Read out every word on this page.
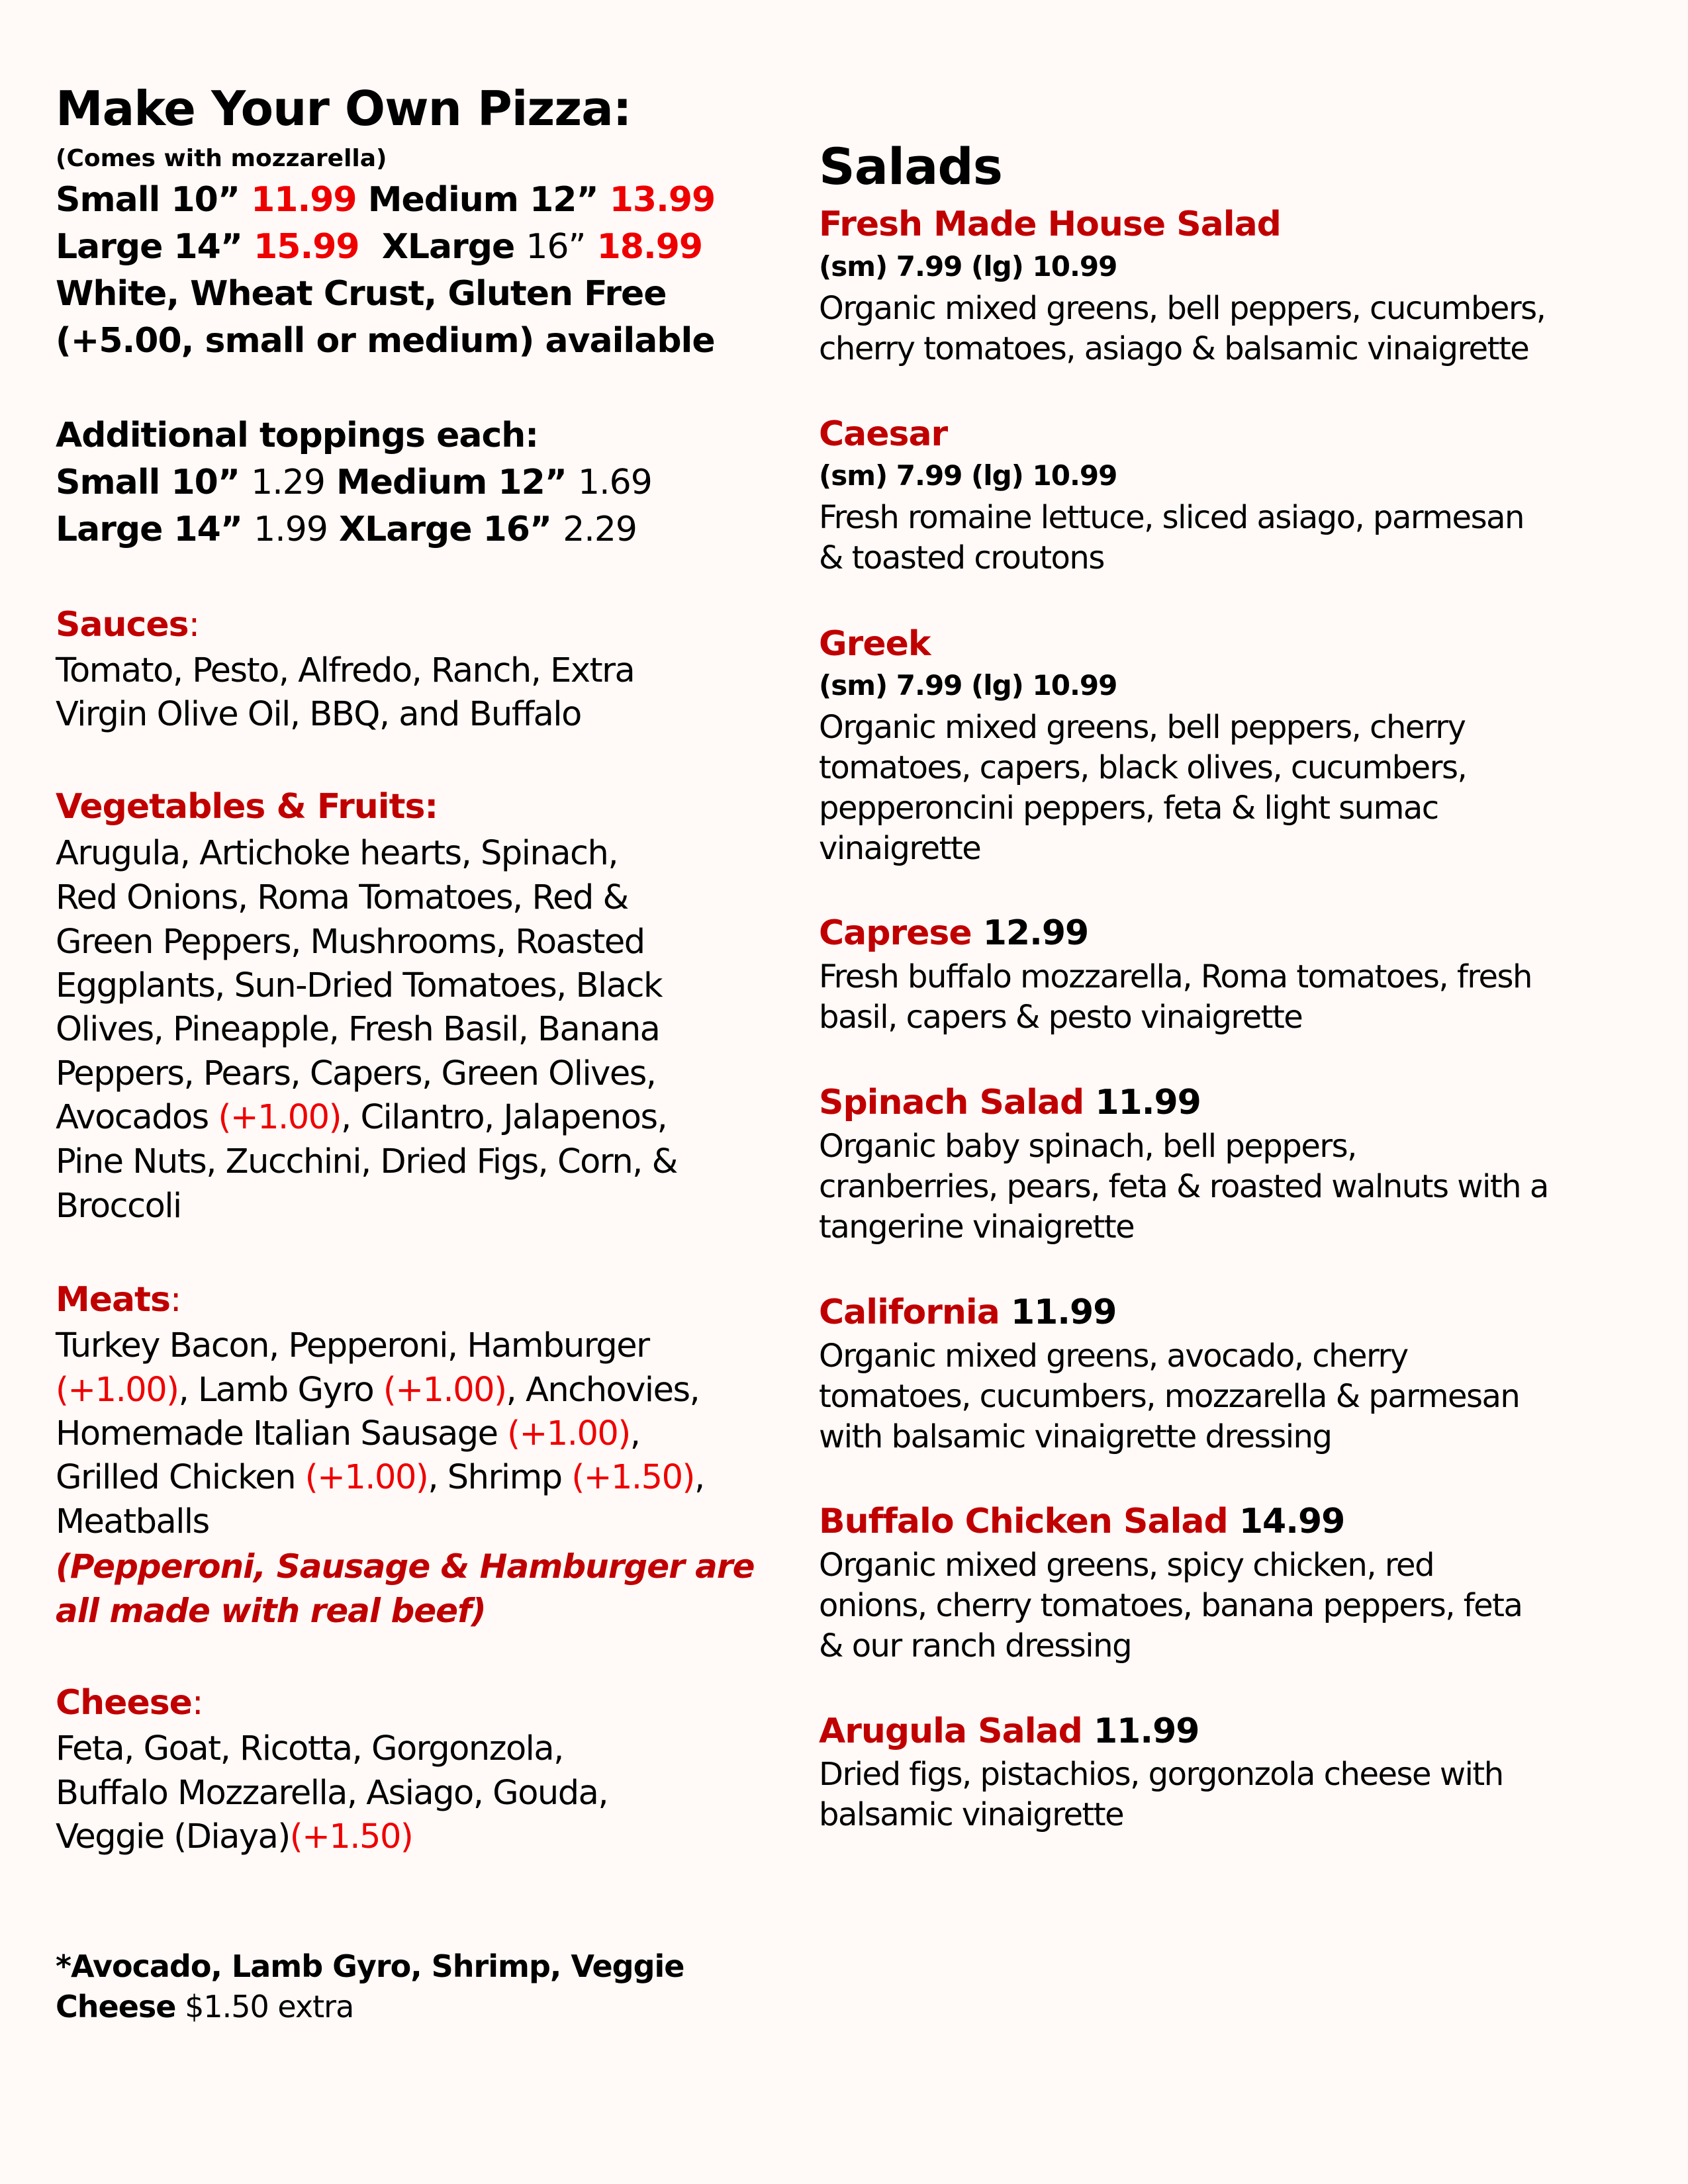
Make Your Own Pizza:
(Comes with mozzarella)
Small 10” 11.99 Medium 12” 13.99
Large 14” 15.99 XLarge 16” 18.99
White, Wheat Crust, Gluten Free
(+5.00, small or medium) available
Additional toppings each:
Small 10” 1.29 Medium 12” 1.69
Large 14” 1.99 XLarge 16” 2.29
Sauces:
Tomato, Pesto, Alfredo, Ranch, Extra
Virgin Olive Oil, BBQ, and Buffalo
Vegetables & Fruits:
Arugula, Artichoke hearts, Spinach,
Red Onions, Roma Tomatoes, Red &
Green Peppers, Mushrooms, Roasted
Eggplants, Sun-Dried Tomatoes, Black
Olives, Pineapple, Fresh Basil, Banana
Peppers, Pears, Capers, Green Olives,
Avocados (+1.00), Cilantro, Jalapenos,
Pine Nuts, Zucchini, Dried Figs, Corn, &
Broccoli
Meats:
Turkey Bacon, Pepperoni, Hamburger
(+1.00), Lamb Gyro (+1.00), Anchovies,
Homemade Italian Sausage (+1.00),
Grilled Chicken (+1.00), Shrimp (+1.50),
Meatballs
(Pepperoni, Sausage & Hamburger are
all made with real beef)
Cheese:
Feta, Goat, Ricotta, Gorgonzola,
Buffalo Mozzarella, Asiago, Gouda,
Veggie (Diaya)(+1.50)
*Avocado, Lamb Gyro, Shrimp, Veggie
Cheese $1.50 extra
Salads
Fresh Made House Salad
(sm) 7.99 (lg) 10.99
Organic mixed greens, bell peppers, cucumbers,
cherry tomatoes, asiago & balsamic vinaigrette
Caesar
(sm) 7.99 (lg) 10.99
Fresh romaine lettuce, sliced asiago, parmesan
& toasted croutons
Greek
(sm) 7.99 (lg) 10.99
Organic mixed greens, bell peppers, cherry
tomatoes, capers, black olives, cucumbers,
pepperoncini peppers, feta & light sumac
vinaigrette
Caprese 12.99
Fresh buffalo mozzarella, Roma tomatoes, fresh
basil, capers & pesto vinaigrette
Spinach Salad 11.99
Organic baby spinach, bell peppers,
cranberries, pears, feta & roasted walnuts with a
tangerine vinaigrette
California 11.99
Organic mixed greens, avocado, cherry
tomatoes, cucumbers, mozzarella & parmesan
with balsamic vinaigrette dressing
Buffalo Chicken Salad 14.99
Organic mixed greens, spicy chicken, red
onions, cherry tomatoes, banana peppers, feta
& our ranch dressing
Arugula Salad 11.99
Dried figs, pistachios, gorgonzola cheese with
balsamic vinaigrette
